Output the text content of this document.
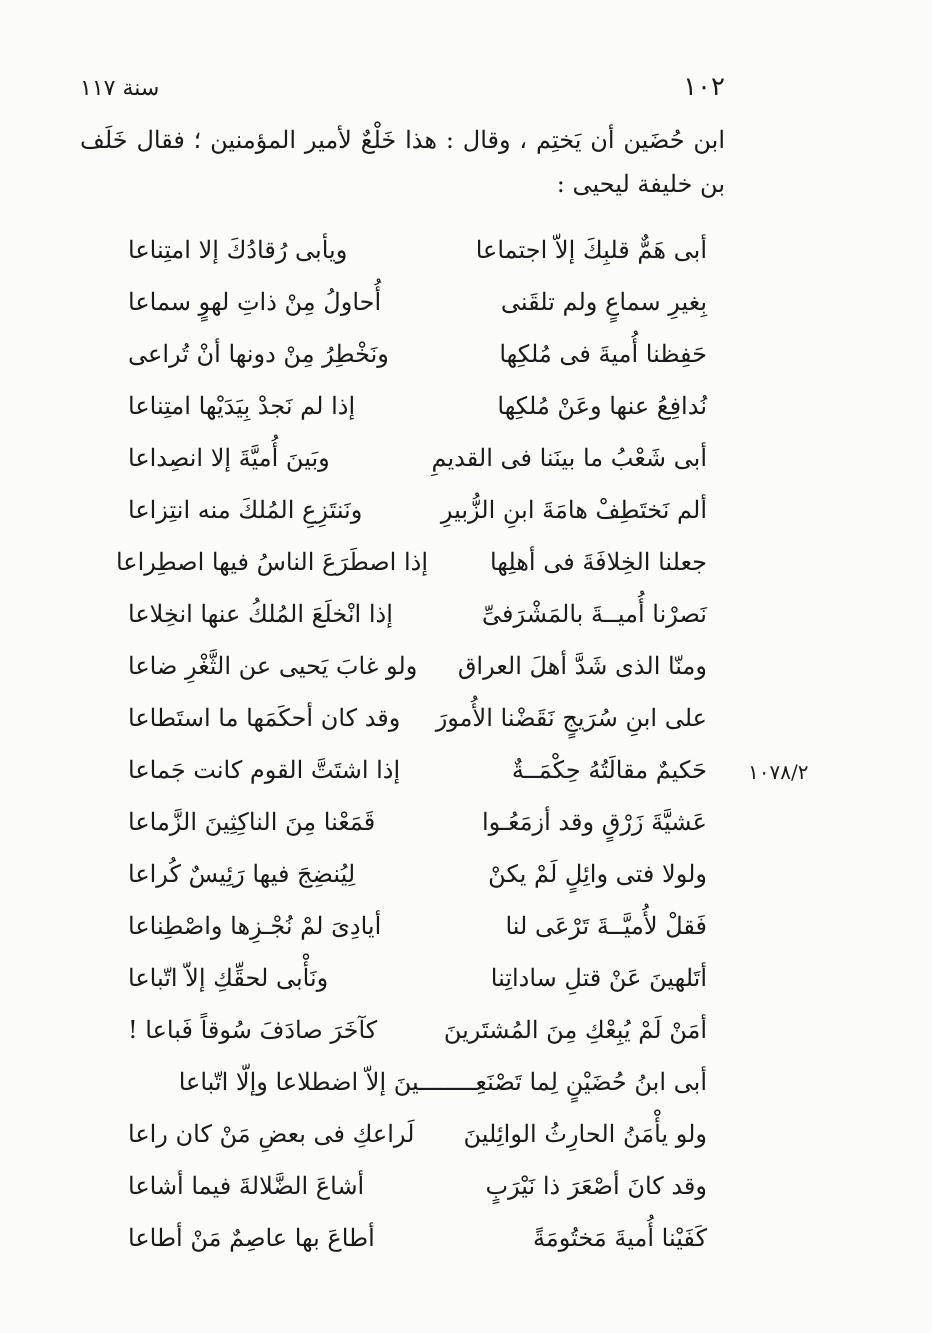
١٠٢
سنة ١١٧
ابن حُضَين أن يَختِم ، وقال : هذا خَلْعٌ لأمير المؤمنين ؛ فقال خَلَف بن خليفة ليحيى :
١٠٧٨/٢
أبى هَمٌّ قلبِكَ إلاّ اجتماعا
ويأبى رُقادُكَ إلا امتِناعا
بِغيرِ سماعٍ ولم تلقَنى
أُحاولُ مِنْ ذاتِ لهوٍ سماعا
حَفِظنا أُميةَ فى مُلكِها
ونَخْطِرُ مِنْ دونها أنْ تُراعى
نُدافِعُ عنها وعَنْ مُلكِها
إذا لم نَجدْ بِيَدَيْها امتِناعا
أبى شَعْبُ ما بينَنا فى القديمِ
وبَينَ أُميَّةَ إلا انصِداعا
ألم نَختَطِفْ هامَةَ ابنِ الزُّبيرِ
ونَنتَزِعِ المُلكَ منه انتِزاعا
جعلنا الخِلافَةَ فى أهلِها
إذا اصطَرَعَ الناسُ فيها اصطِراعا
نَصرْنا أُميــةَ بالمَشْرَفىِّ
إذا انْخلَعَ المُلكُ عنها انخِلاعا
ومنّا الذى شَدَّ أهلَ العراق
ولو غابَ يَحيى عن الثَّغْرِ ضاعا
على ابنِ سُرَيجٍ نَقَضْنا الأُمورَ
وقد كان أحكَمَها ما استَطاعا
حَكيمٌ مقالَتُهُ حِكْمَــةٌ
إذا اشتَتَّ القوم كانت جَماعا
عَشيَّةَ زَرْقٍ وقد أزمَعُـوا
قَمَعْنا مِنَ الناكِثِينَ الزَّماعا
ولولا فتى وائِلٍ لَمْ يكنْ
لِيُنضِجَ فيها رَئِيسٌ كُراعا
فَقلْ لأُميَّــةَ تَرْعَى لنا
أيادِىَ لمْ نُجْـزِها واصْطِناعا
أتَلهينَ عَنْ قتلِ ساداتِنا
ونَأْبى لحقِّكِ إلاّ اتّباعا
أمَنْ لَمْ يُبِعْكِ مِنَ المُشتَرينَ
كآخَرَ صادَفَ سُوقاً فَباعا !
أبى ابنُ حُضَيْنٍ لِما تَصْنَعِــــــــينَ إلاّ اضطلاعا وإلّا اتّباعا
ولو يأْمَنُ الحارِثُ الوائِلينَ
لَراعكِ فى بعضِ مَنْ كان راعا
وقد كانَ أصْعَرَ ذا نَيْرَبٍ
أشاعَ الضَّلالةَ فيما أشاعا
كَفَيْنا أُميةَ مَختُومَةً
أطاعَ بها عاصِمٌ مَنْ أطاعا
